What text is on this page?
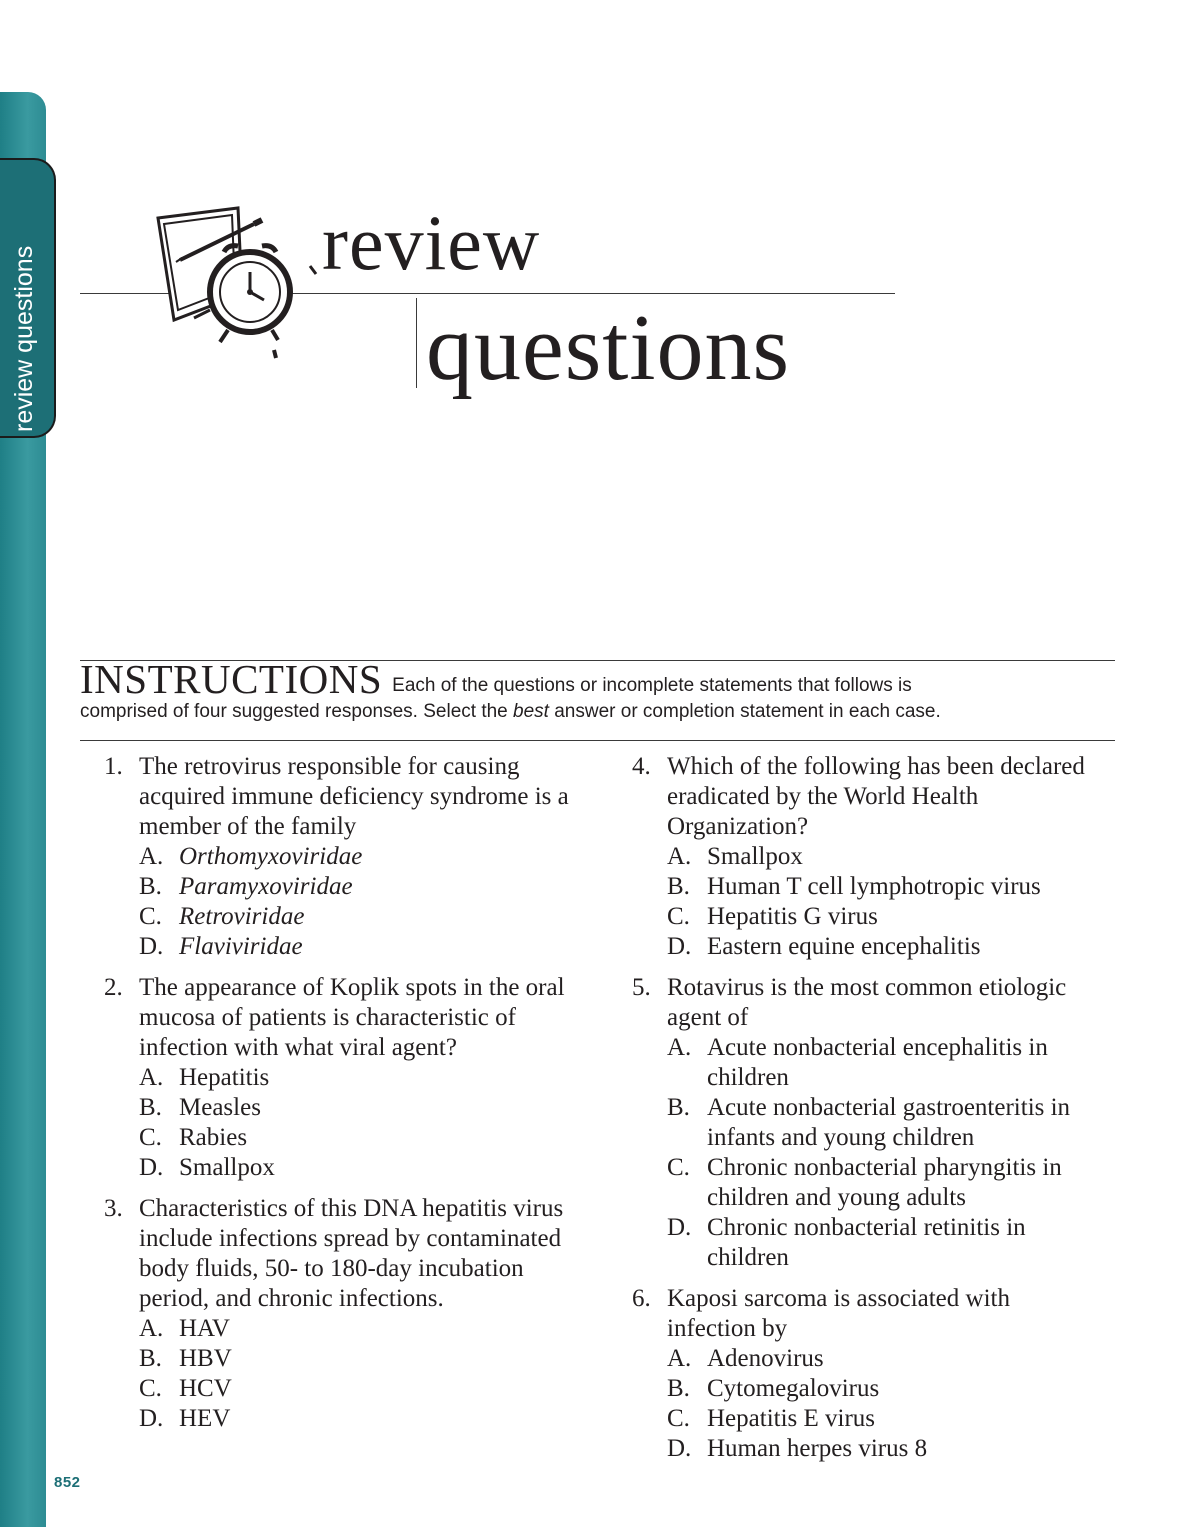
review questions
852
review
questions
INSTRUCTIONS Each of the questions or incomplete statements that follows is
comprised of four suggested responses. Select the best answer or completion statement in each case.
1. The retrovirus responsible for causing acquired immune deficiency syndrome is a member of the family
A. Orthomyxoviridae
B. Paramyxoviridae
C. Retroviridae
D. Flaviviridae
2. The appearance of Koplik spots in the oral mucosa of patients is characteristic of infection with what viral agent?
A. Hepatitis
B. Measles
C. Rabies
D. Smallpox
3. Characteristics of this DNA hepatitis virus include infections spread by contaminated body fluids, 50- to 180-day incubation period, and chronic infections.
A. HAV
B. HBV
C. HCV
D. HEV
4. Which of the following has been declared eradicated by the World Health Organization?
A. Smallpox
B. Human T cell lymphotropic virus
C. Hepatitis G virus
D. Eastern equine encephalitis
5. Rotavirus is the most common etiologic agent of
A. Acute nonbacterial encephalitis in children
B. Acute nonbacterial gastroenteritis in infants and young children
C. Chronic nonbacterial pharyngitis in children and young adults
D. Chronic nonbacterial retinitis in children
6. Kaposi sarcoma is associated with infection by
A. Adenovirus
B. Cytomegalovirus
C. Hepatitis E virus
D. Human herpes virus 8
